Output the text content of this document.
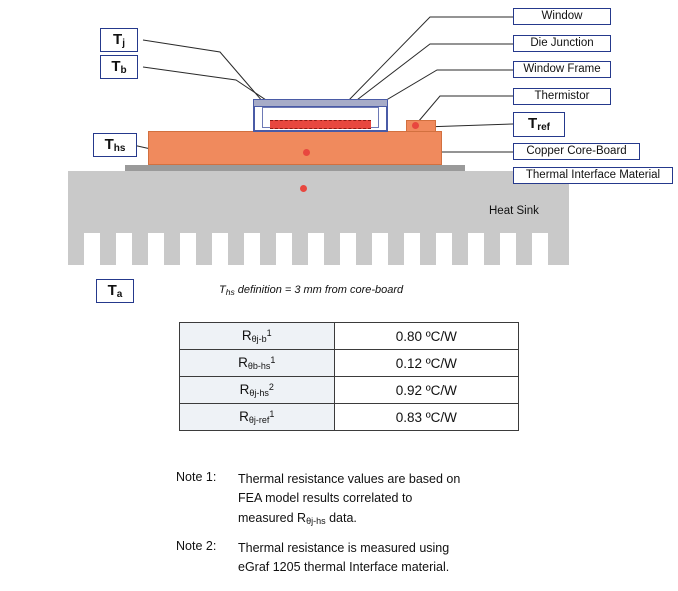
Heat Sink
Window
Die Junction
Window Frame
Thermistor
Copper Core-Board
Thermal Interface Material
$T_j$
$T_b$
$T_{hs}$
$T_{ref}$
$T_a$	$T_{hs}$ definition = 3 mm from core-board
$R_{\theta j-b}^1$	0.80 ºC/W
$R_{\theta b-hs}^1$	0.12 ºC/W
$R_{\theta j-hs}^2$	0.92 ºC/W
$R_{\theta j-ref}^1$	0.83 ºC/W
Note 1:	Thermal resistance values are based on
FEA model results correlated to
measured $R_{\theta j-hs}$ data.
Note 2:	Thermal resistance is measured using
eGraf 1205 thermal Interface material.
